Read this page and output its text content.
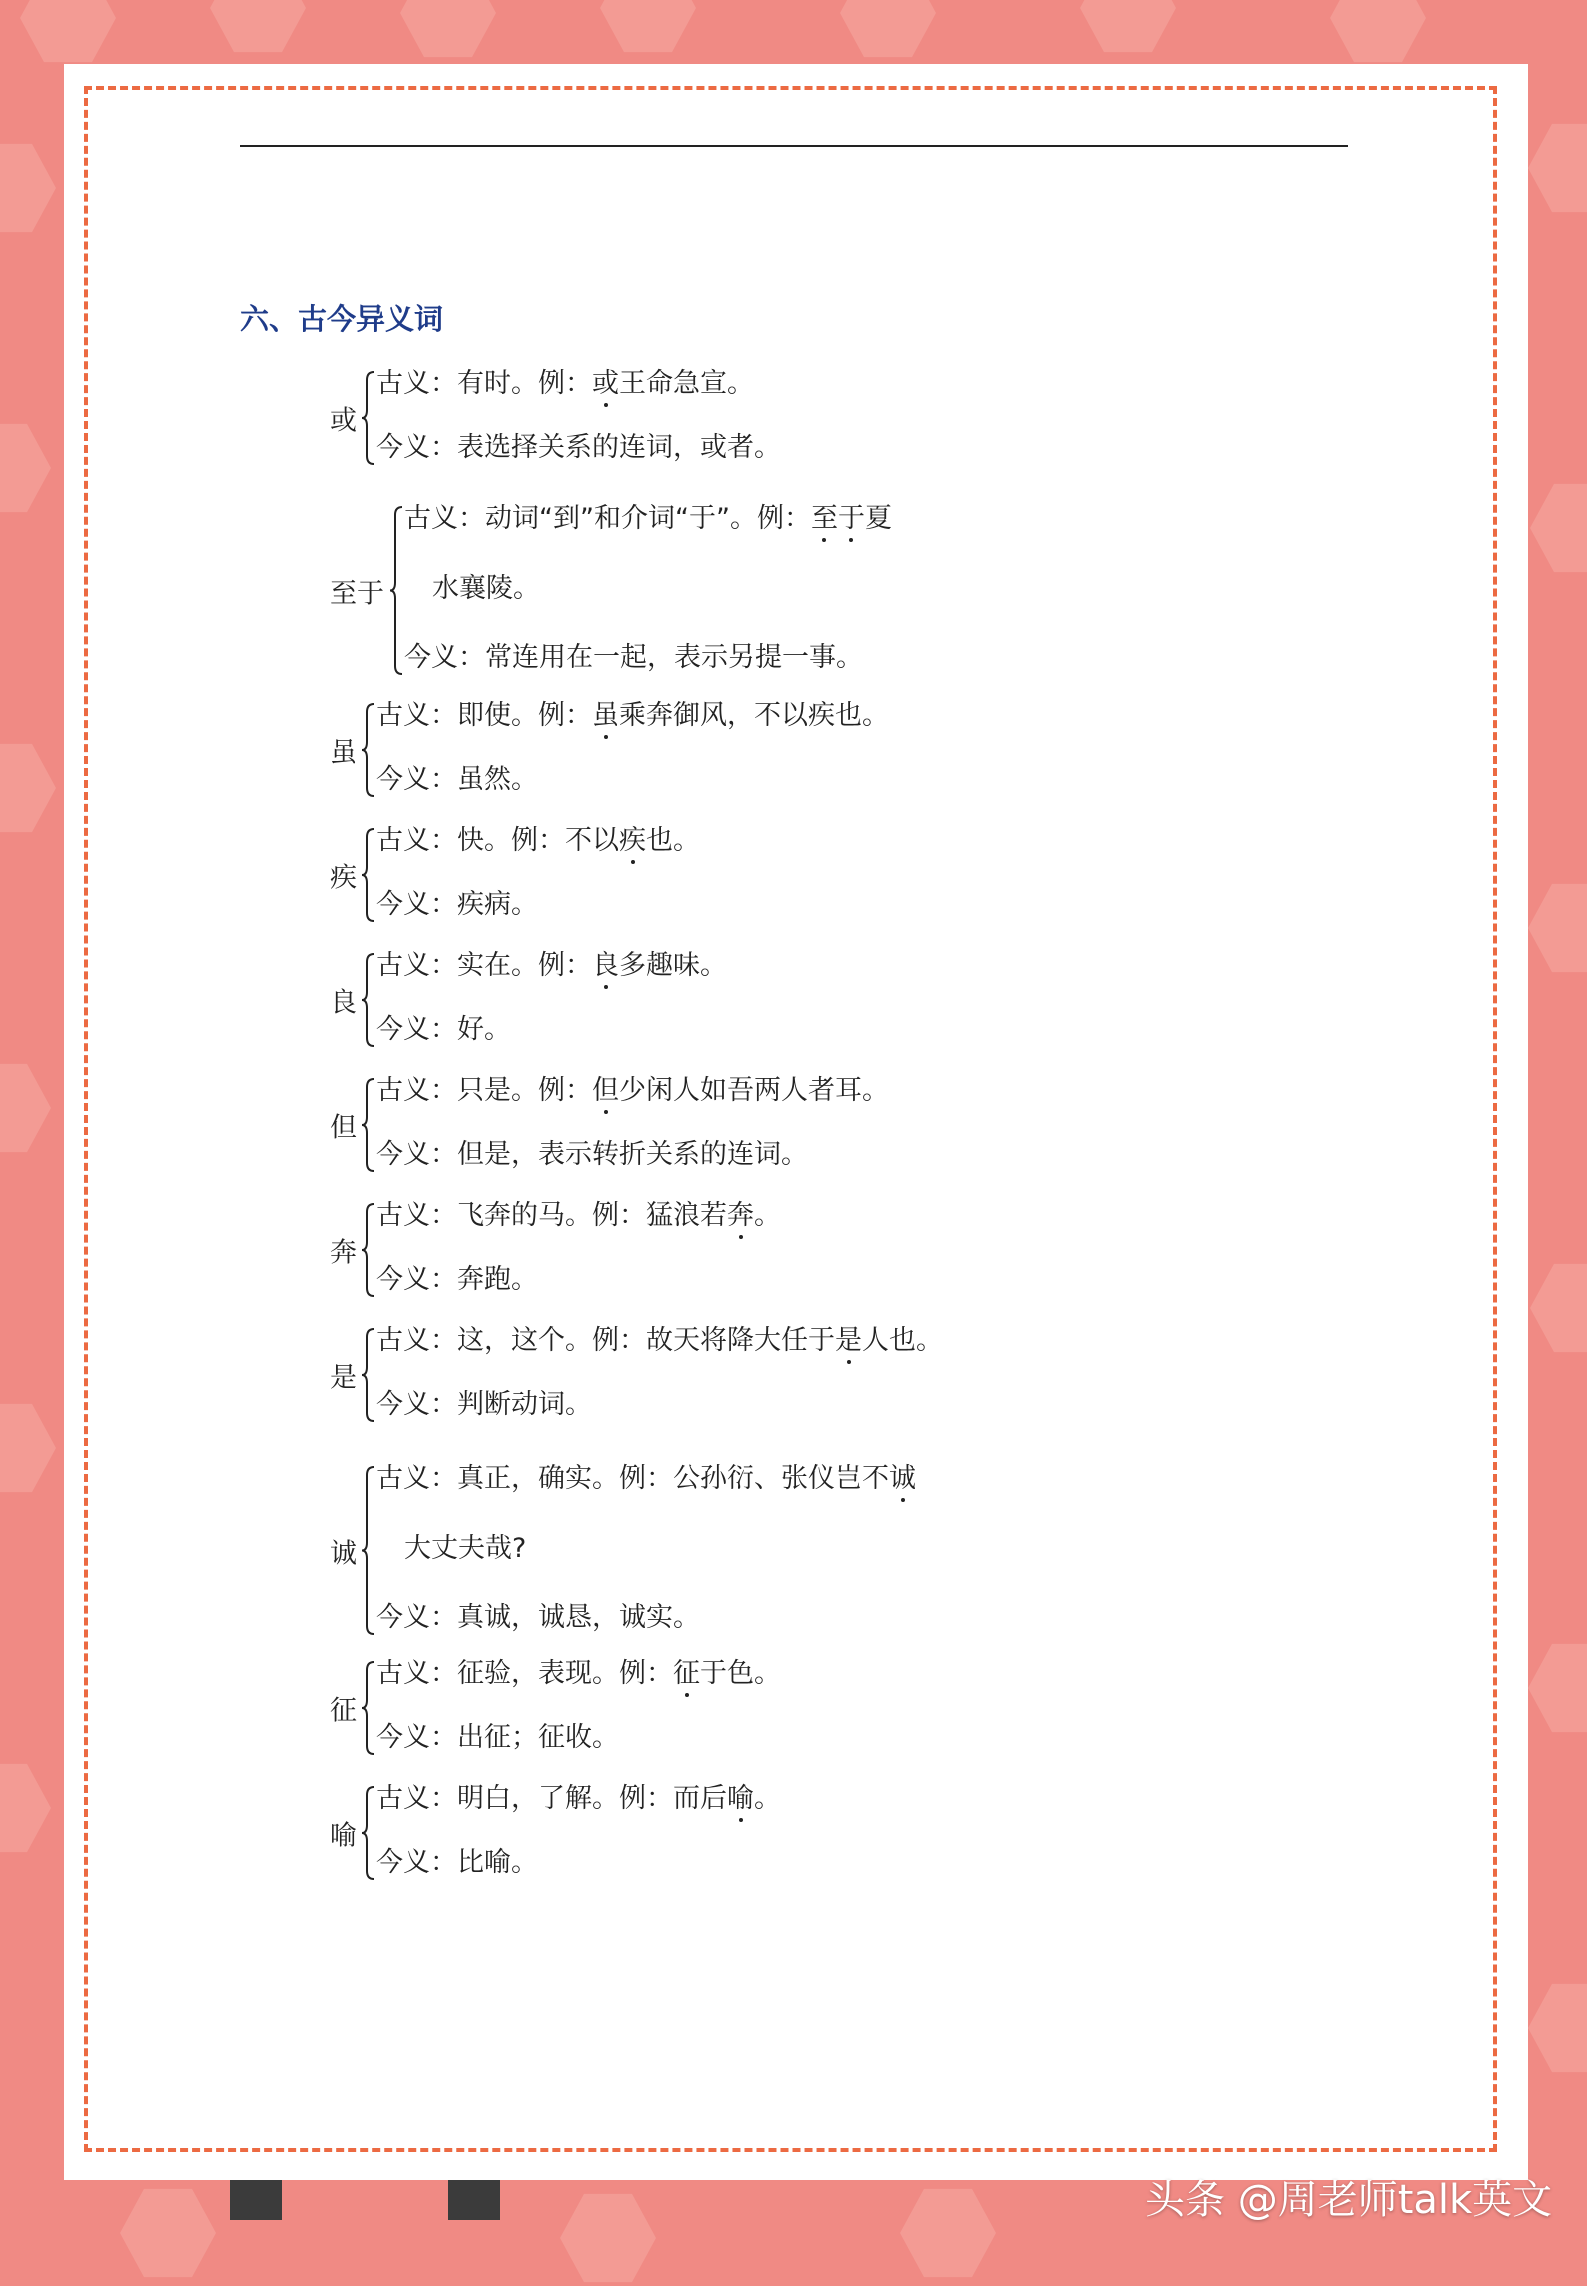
六、古今异义词
或
古义：有时。例：或王命急宣。
今义：表选择关系的连词，或者。
至于
古义：动词“到”和介词“于”。例：至于夏
水襄陵。
今义：常连用在一起，表示另提一事。
虽
古义：即使。例：虽乘奔御风，不以疾也。
今义：虽然。
疾
古义：快。例：不以疾也。
今义：疾病。
良
古义：实在。例：良多趣味。
今义：好。
但
古义：只是。例：但少闲人如吾两人者耳。
今义：但是，表示转折关系的连词。
奔
古义：飞奔的马。例：猛浪若奔。
今义：奔跑。
是
古义：这，这个。例：故天将降大任于是人也。
今义：判断动词。
诚
古义：真正，确实。例：公孙衍、张仪岂不诚
大丈夫哉?
今义：真诚，诚恳，诚实。
征
古义：征验，表现。例：征于色。
今义：出征；征收。
喻
古义：明白，了解。例：而后喻。
今义：比喻。
头条 @周老师talk英文
